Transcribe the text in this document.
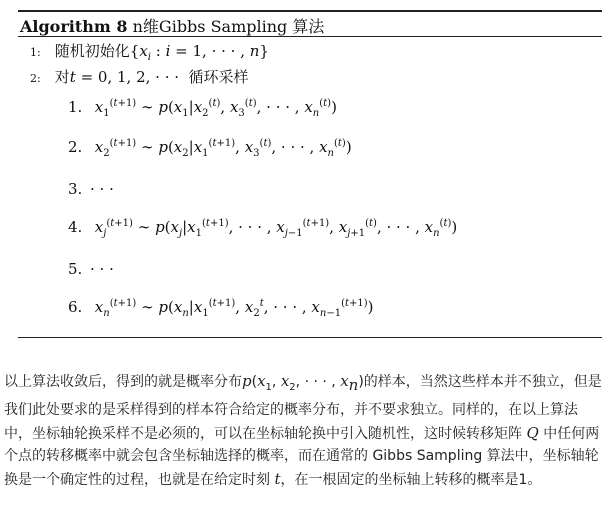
Algorithm 8 n维Gibbs Sampling 算法
1: 随机初始化{$x_i$ : i = 1, · · · , n}
2: 对t = 0, 1, 2, · · ·  循环采样
1. $x_1^{(t+1)}$ ∼ $p(x_1|x_2^{(t)}$, $x_3^{(t)}$, · · · , $x_n^{(t)}$)
2. $x_2^{(t+1)}$ ∼ $p(x_2|x_1^{(t+1)}$, $x_3^{(t)}$, · · · , $x_n^{(t)}$)
3. · · ·
4. $x_j^{(t+1)}$ ∼ $p(x_j|x_1^{(t+1)}$, · · · , $x_{j-1}^{(t+1)}$, $x_{j+1}^{(t)}$, · · · , $x_n^{(t)}$)
5. · · ·
6. $x_n^{(t+1)}$ ∼ $p(x_n|x_1^{(t+1)}$, $x_2^t$, · · · , $x_{n-1}^{(t+1)}$)
以上算法收敛后，得到的就是概率分布$p(x_1$, $x_2$, · · · , $x_n$)的样本，当然这些样本并不独立，但是我们此处要求的是采样得到的样本符合给定的概率分布，并不要求独立。同样的，在以上算法中，坐标轴轮换采样不是必须的，可以在坐标轴轮换中引入随机性，这时候转移矩阵 Q 中任何两个点的转移概率中就会包含坐标轴选择的概率，而在通常的 Gibbs Sampling 算法中，坐标轴轮换是一个确定性的过程，也就是在给定时刻 t，在一根固定的坐标轴上转移的概率是1。
